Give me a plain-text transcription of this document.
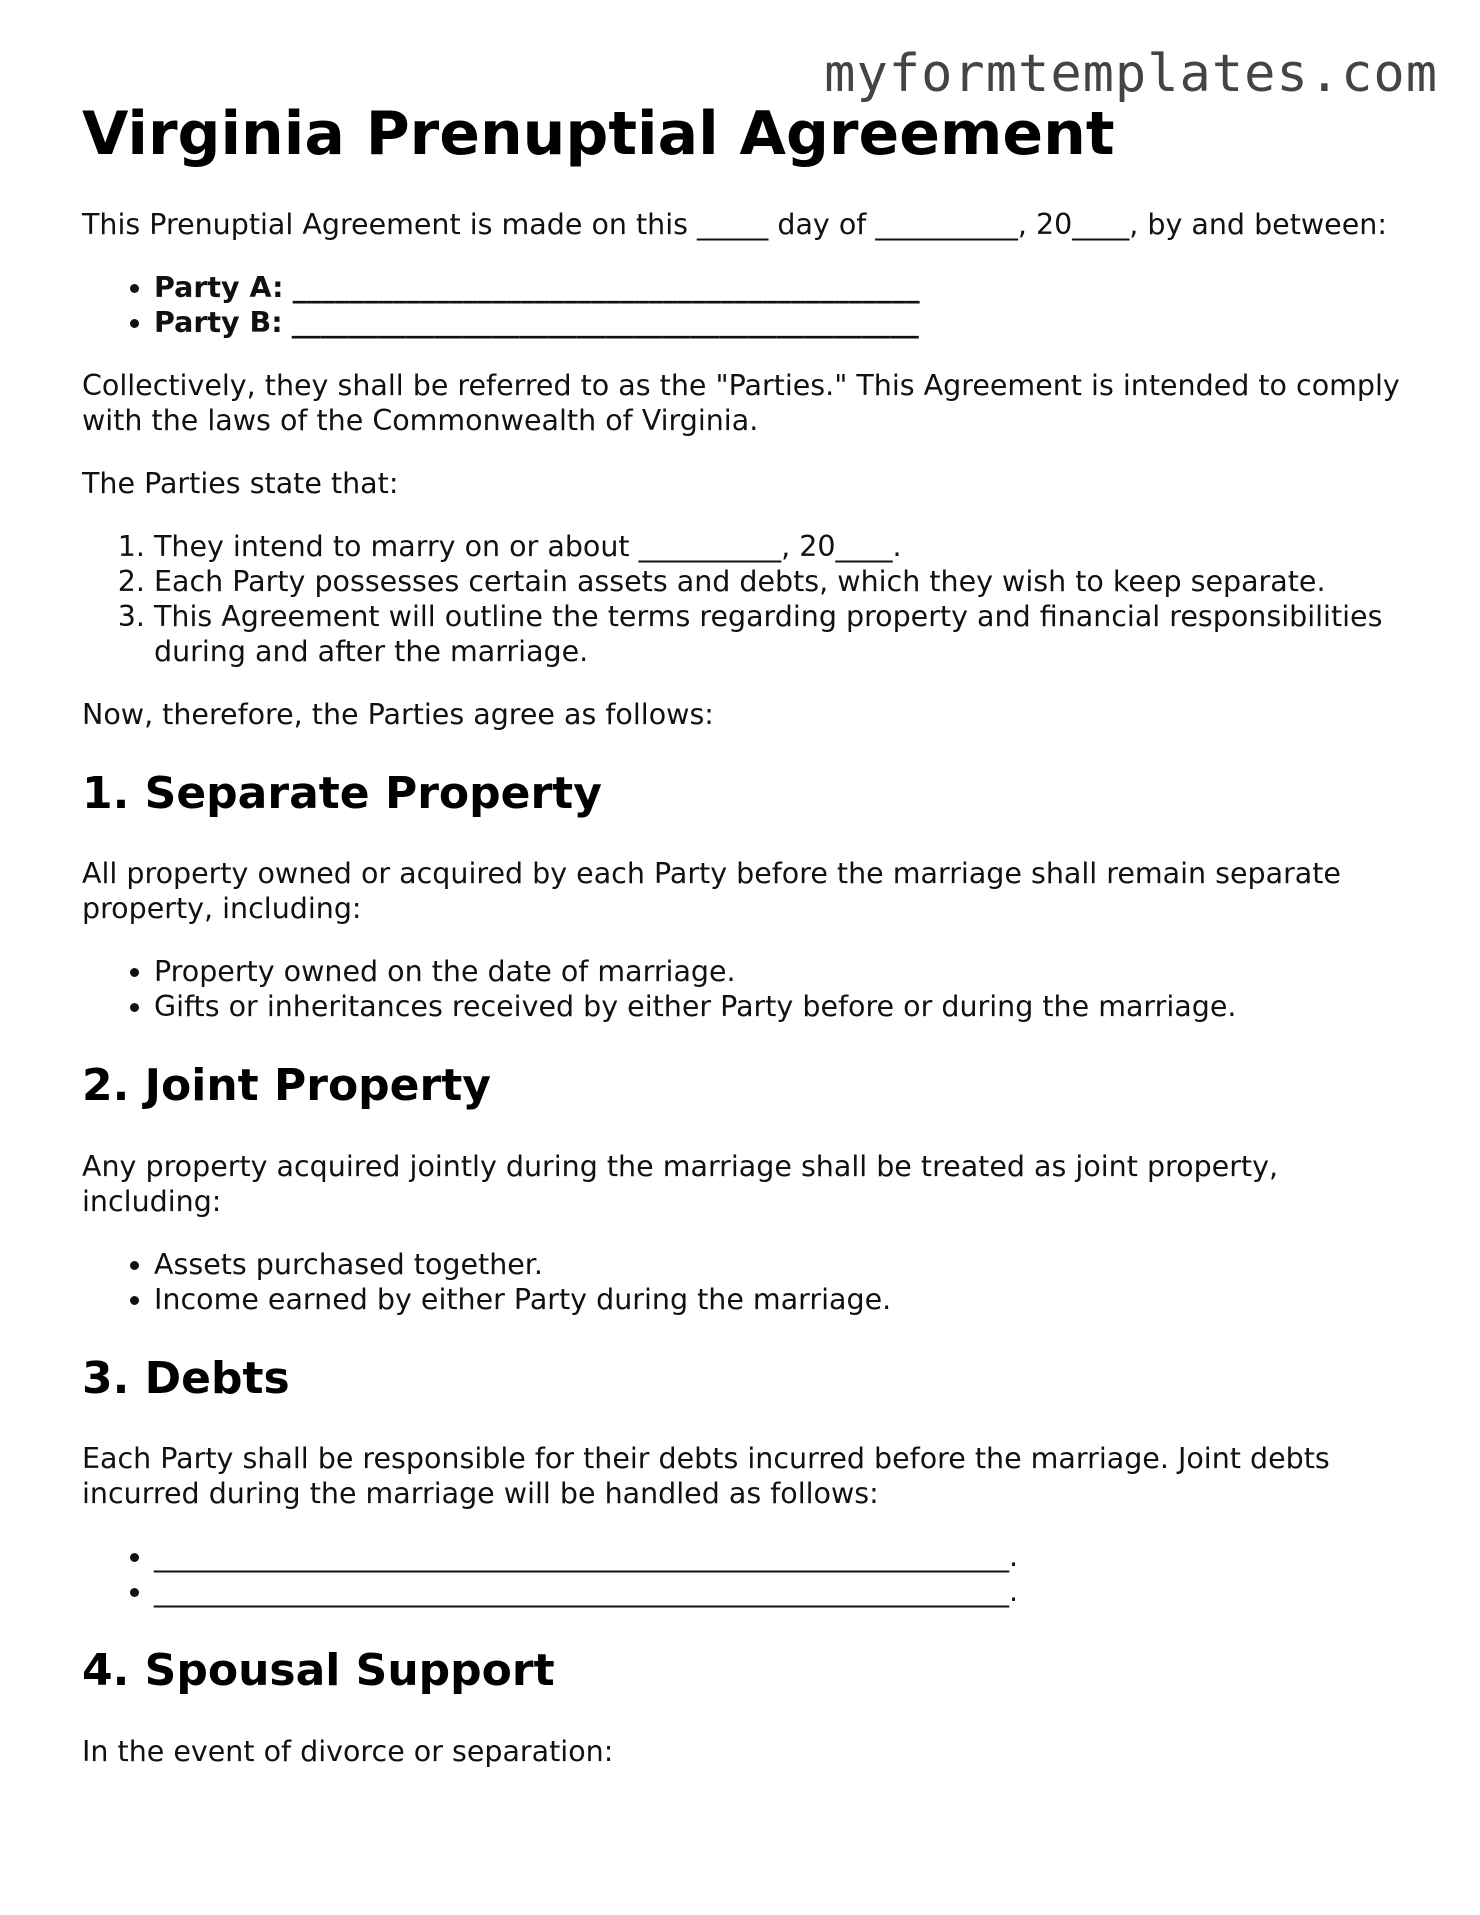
myformtemplates.com
Virginia Prenuptial Agreement

This Prenuptial Agreement is made on this _____ day of __________, 20____, by and between:

• Party A: ____________________________________________
• Party B: ____________________________________________

Collectively, they shall be referred to as the "Parties." This Agreement is intended to comply with the laws of the Commonwealth of Virginia.

The Parties state that:

1. They intend to marry on or about __________, 20____.
2. Each Party possesses certain assets and debts, which they wish to keep separate.
3. This Agreement will outline the terms regarding property and financial responsibilities during and after the marriage.

Now, therefore, the Parties agree as follows:

1. Separate Property

All property owned or acquired by each Party before the marriage shall remain separate property, including:

• Property owned on the date of marriage.
• Gifts or inheritances received by either Party before or during the marriage.
2. Joint Property

Any property acquired jointly during the marriage shall be treated as joint property, including:

• Assets purchased together.
• Income earned by either Party during the marriage.
3. Debts

Each Party shall be responsible for their debts incurred before the marriage. Joint debts incurred during the marriage will be handled as follows:

• ____________________________________________________________.
• ____________________________________________________________.
4. Spousal Support

In the event of divorce or separation:
